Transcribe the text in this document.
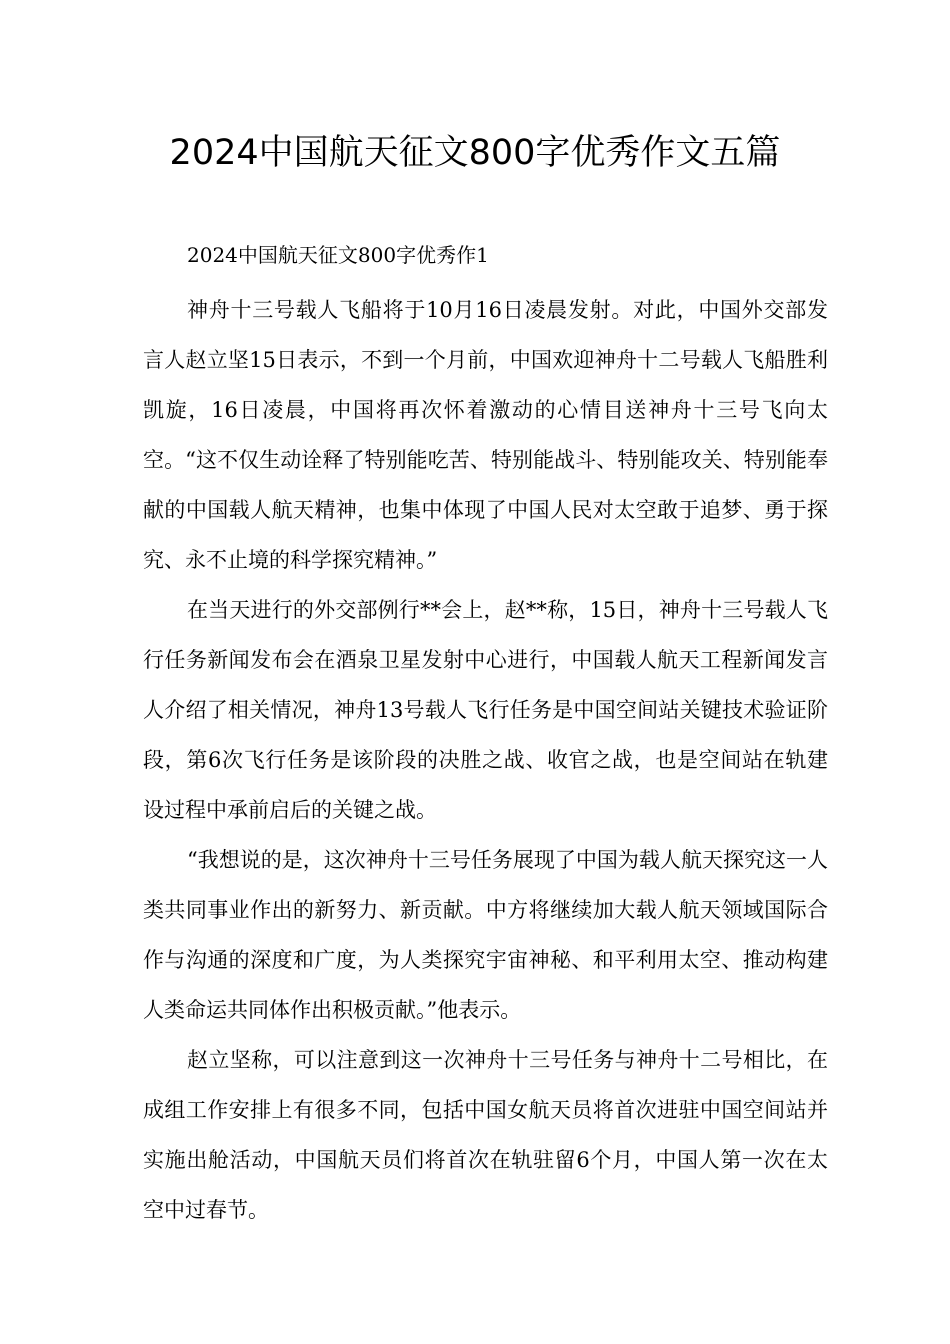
2024中国航天征文800字优秀作文五篇

2024中国航天征文800字优秀作1

神舟十三号载人飞船将于10月16日凌晨发射。对此，中国外交部发言人赵立坚15日表示，不到一个月前，中国欢迎神舟十二号载人飞船胜利凯旋，16日凌晨，中国将再次怀着激动的心情目送神舟十三号飞向太空。“这不仅生动诠释了特别能吃苦、特别能战斗、特别能攻关、特别能奉献的中国载人航天精神，也集中体现了中国人民对太空敢于追梦、勇于探究、永不止境的科学探究精神。”

在当天进行的外交部例行**会上，赵**称，15日，神舟十三号载人飞行任务新闻发布会在酒泉卫星发射中心进行，中国载人航天工程新闻发言人介绍了相关情况，神舟13号载人飞行任务是中国空间站关键技术验证阶段，第6次飞行任务是该阶段的决胜之战、收官之战，也是空间站在轨建设过程中承前启后的关键之战。

“我想说的是，这次神舟十三号任务展现了中国为载人航天探究这一人类共同事业作出的新努力、新贡献。中方将继续加大载人航天领域国际合作与沟通的深度和广度，为人类探究宇宙神秘、和平利用太空、推动构建人类命运共同体作出积极贡献。”他表示。

赵立坚称，可以注意到这一次神舟十三号任务与神舟十二号相比，在成组工作安排上有很多不同，包括中国女航天员将首次进驻中国空间站并实施出舱活动，中国航天员们将首次在轨驻留6个月，中国人第一次在太空中过春节。
